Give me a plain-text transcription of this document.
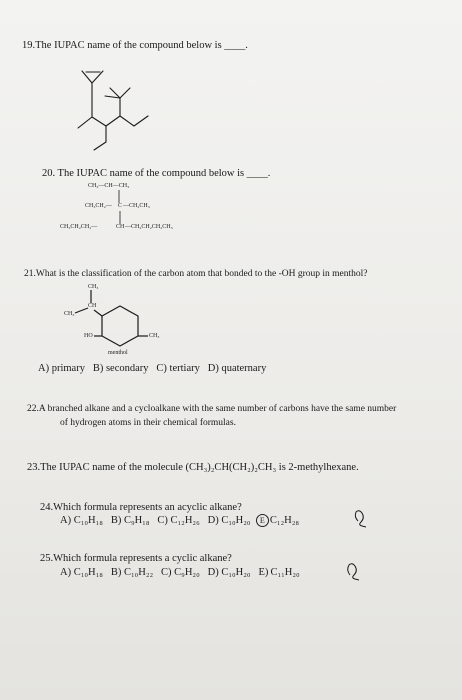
19.The IUPAC name of the compound below is ____.
20. The IUPAC name of the compound below is ____.
CH₃—CH—CH₃
CH₃CH₂— C —CH₂CH₃
CH₃CH₂CH₂—	CH —CH₂CH₂CH₂CH₃
21.What is the classification of the carbon atom that bonded to the -OH group in menthol?
CH₃
CH
CH₃
HO	CH₃
menthol
A) primary B) secondary C) tertiary D) quaternary
22.A branched alkane and a cycloalkane with the same number of carbons have the same number
of hydrogen atoms in their chemical formulas.
23.The IUPAC name of the molecule (CH₃)₂CH(CH₂)₂CH₃ is 2-methylhexane.
24.Which formula represents an acyclic alkane?
A) C₁₀H₁₈ B) C₉H₁₈ C) C₁₂H₂₆ D) C₁₀H₂₀ E C₁₂H₂₈
25.Which formula represents a cyclic alkane?
A) C₁₀H₁₈ B) C₁₀H₂₂ C) C₉H₂₀ D) C₁₀H₂₀ E) C₁₁H₂₀
